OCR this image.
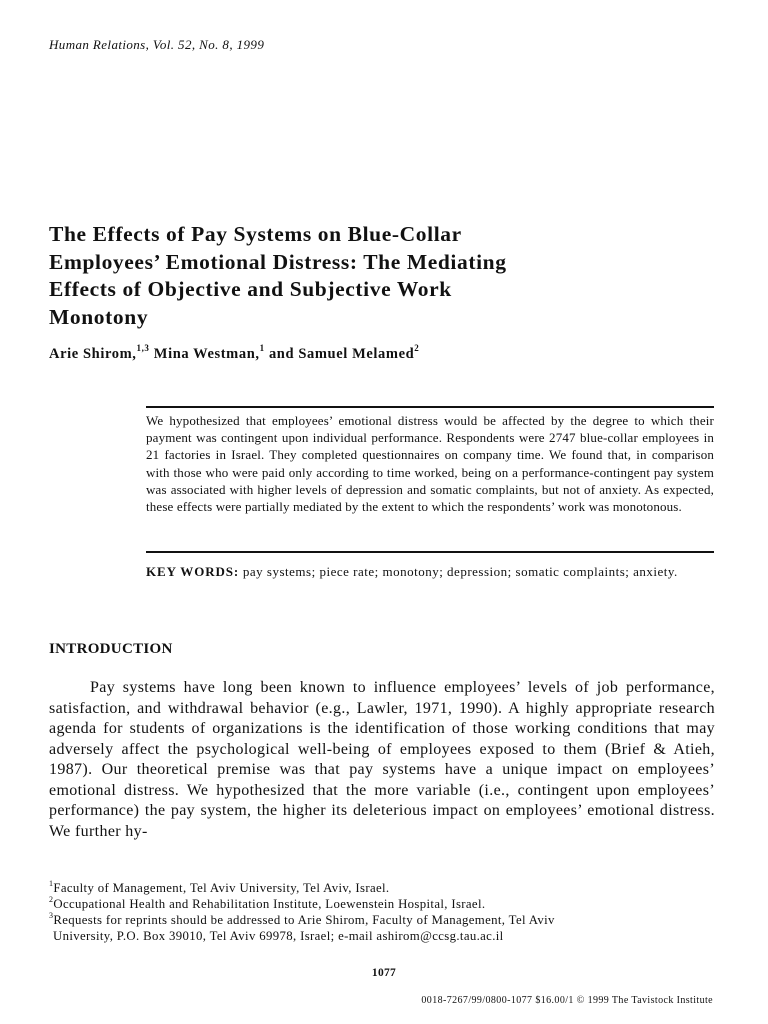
Human Relations, Vol. 52, No. 8, 1999
The Effects of Pay Systems on Blue-Collar
Employees’ Emotional Distress: The Mediating
Effects of Objective and Subjective Work
Monotony
Arie Shirom,$^{1,3}$ Mina Westman,$^1$ and Samuel Melamed$^2$
We hypothesized that employees’ emotional distress would be affected by the degree to which their payment was contingent upon individual performance. Respondents were 2747 blue-collar employees in 21 factories in Israel. They completed questionnaires on company time. We found that, in comparison with those who were paid only according to time worked, being on a performance-contingent pay system was associated with higher levels of depression and somatic complaints, but not of anxiety. As expected, these effects were partially mediated by the extent to which the respondents’ work was monotonous.
KEY WORDS: pay systems; piece rate; monotony; depression; somatic complaints; anxiety.
INTRODUCTION
Pay systems have long been known to influence employees’ levels of job performance, satisfaction, and withdrawal behavior (e.g., Lawler, 1971, 1990). A highly appropriate research agenda for students of organizations is the identification of those working conditions that may adversely affect the psychological well-being of employees exposed to them (Brief & Atieh, 1987). Our theoretical premise was that pay systems have a unique impact on employees’ emotional distress. We hypothesized that the more variable (i.e., contingent upon employees’ performance) the pay system, the higher its deleterious impact on employees’ emotional distress. We further hy-

$^1$Faculty of Management, Tel Aviv University, Tel Aviv, Israel.

$^2$Occupational Health and Rehabilitation Institute, Loewenstein Hospital, Israel.

$^3$Requests for reprints should be addressed to Arie Shirom, Faculty of Management, Tel Aviv

University, P.O. Box 39010, Tel Aviv 69978, Israel; e-mail ashirom@ccsg.tau.ac.il

1077
0018-7267/99/0800-1077 $16.00/1 © 1999 The Tavistock Institute
